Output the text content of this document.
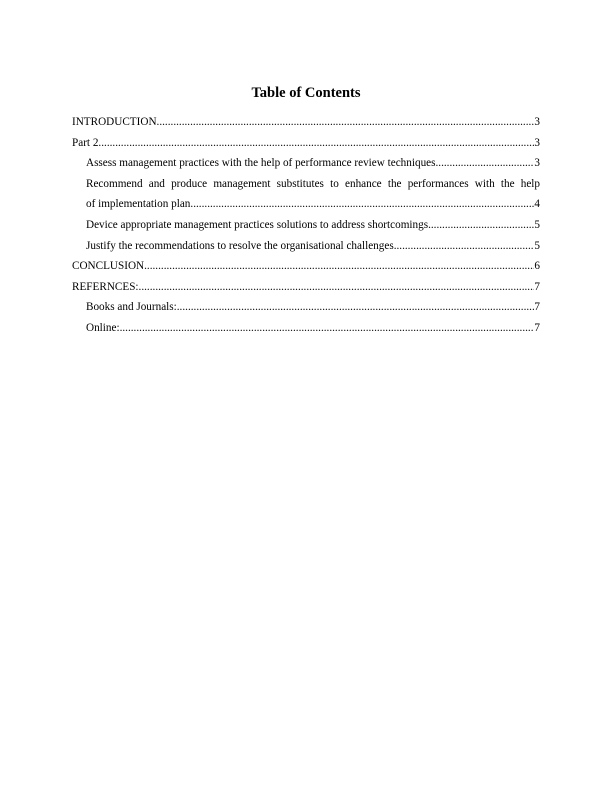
Table of Contents
INTRODUCTION .....	3
Part 2 .....	3
Assess management practices with the help of performance review techniques .....	3
Recommend and produce management substitutes to enhance the performances with the help
of implementation plan .....	4
Device appropriate management practices solutions to address shortcomings .....	5
Justify the recommendations to resolve the organisational challenges .....	5
CONCLUSION .....	6
REFERNCES: .....	7
Books and Journals: .....	7
Online: .....	7
